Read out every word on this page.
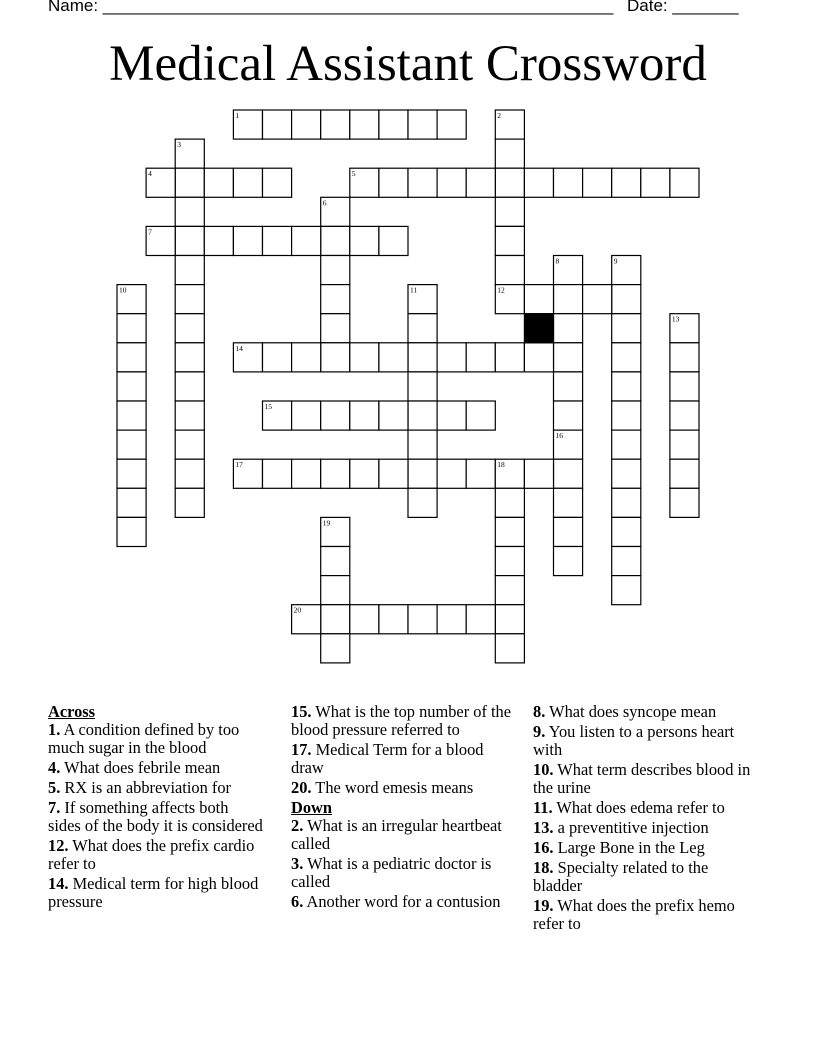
Name: ______________________________________________________ Date: _______
Medical Assistant Crossword
1	2
3
4	5
6
7
8	9
10	11	12
13
14
15
16
17	18
19
20
Across
1. A condition defined by too much sugar in the blood
4. What does febrile mean
5. RX is an abbreviation for
7. If something affects both sides of the body it is considered
12. What does the prefix cardio refer to
14. Medical term for high blood pressure
15. What is the top number of the blood pressure referred to
17. Medical Term for a blood draw
20. The word emesis means
Down
2. What is an irregular heartbeat called
3. What is a pediatric doctor is called
6. Another word for a contusion
8. What does syncope mean
9. You listen to a persons heart with
10. What term describes blood in the urine
11. What does edema refer to
13. a preventitive injection
16. Large Bone in the Leg
18. Specialty related to the bladder
19. What does the prefix hemo refer to
